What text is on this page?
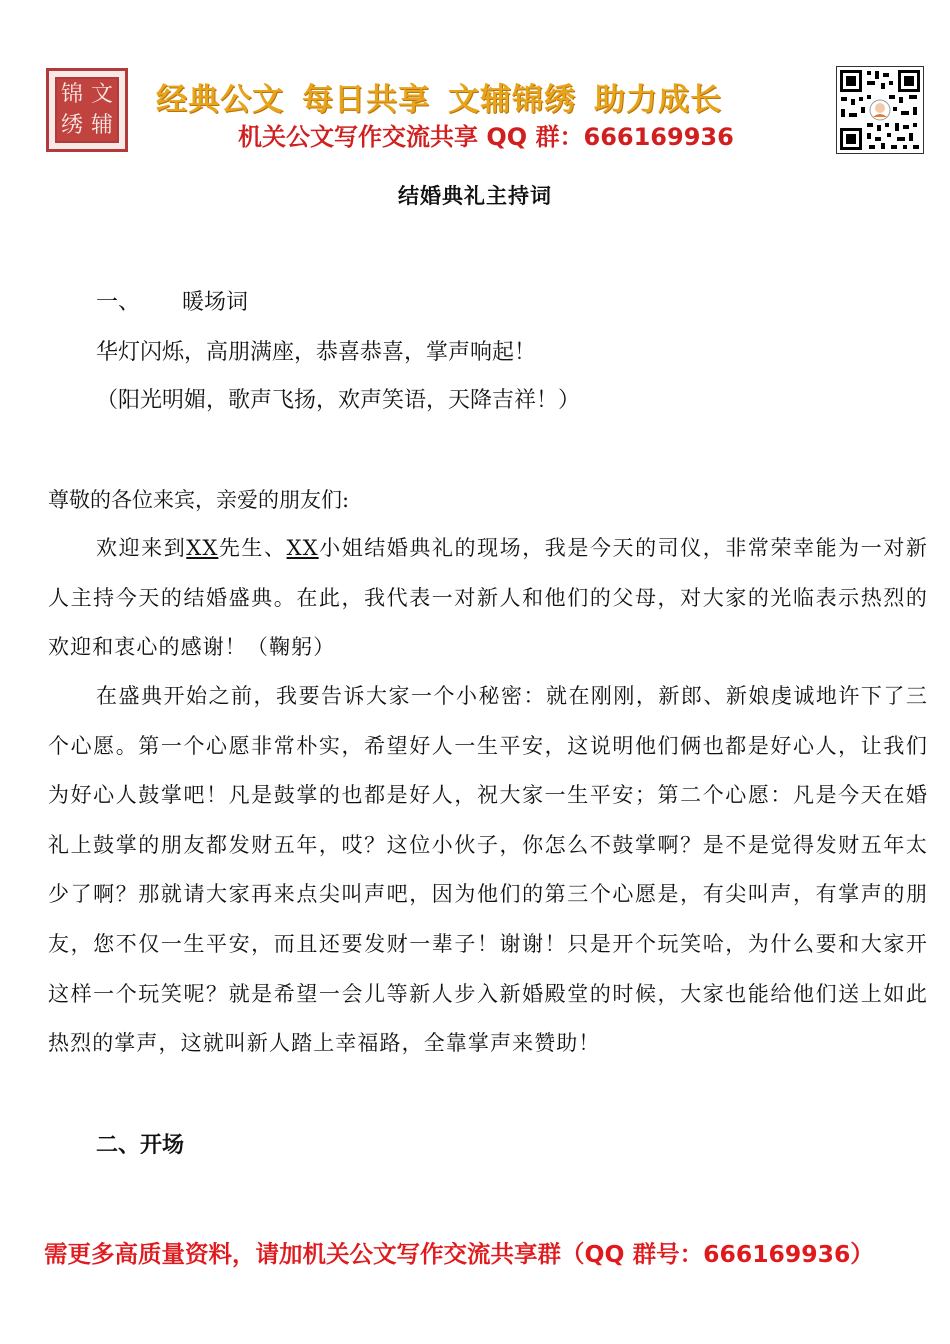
文
锦
辅
绣
经典公文 每日共享 文辅锦绣 助力成长
机关公文写作交流共享 QQ 群：666169936
结婚典礼主持词
一、 暖场词
华灯闪烁，高朋满座，恭喜恭喜，掌声响起！
（阳光明媚，歌声飞扬，欢声笑语，天降吉祥！）
尊敬的各位来宾，亲爱的朋友们:

欢迎来到XX先生、XX小姐结婚典礼的现场，我是今天的司仪，非常荣幸能为一对新人主持今天的结婚盛典。在此，我代表一对新人和他们的父母，对大家的光临表示热烈的欢迎和衷心的感谢！（鞠躬）

在盛典开始之前，我要告诉大家一个小秘密：就在刚刚，新郎、新娘虔诚地许下了三个心愿。第一个心愿非常朴实，希望好人一生平安，这说明他们俩也都是好心人，让我们为好心人鼓掌吧！凡是鼓掌的也都是好人，祝大家一生平安；第二个心愿：凡是今天在婚礼上鼓掌的朋友都发财五年，哎？这位小伙子，你怎么不鼓掌啊？是不是觉得发财五年太少了啊？那就请大家再来点尖叫声吧，因为他们的第三个心愿是，有尖叫声，有掌声的朋友，您不仅一生平安，而且还要发财一辈子！谢谢！只是开个玩笑哈，为什么要和大家开这样一个玩笑呢？就是希望一会儿等新人步入新婚殿堂的时候，大家也能给他们送上如此热烈的掌声，这就叫新人踏上幸福路，全靠掌声来赞助！

二、开场
需更多高质量资料，请加机关公文写作交流共享群（QQ 群号：666169936）
